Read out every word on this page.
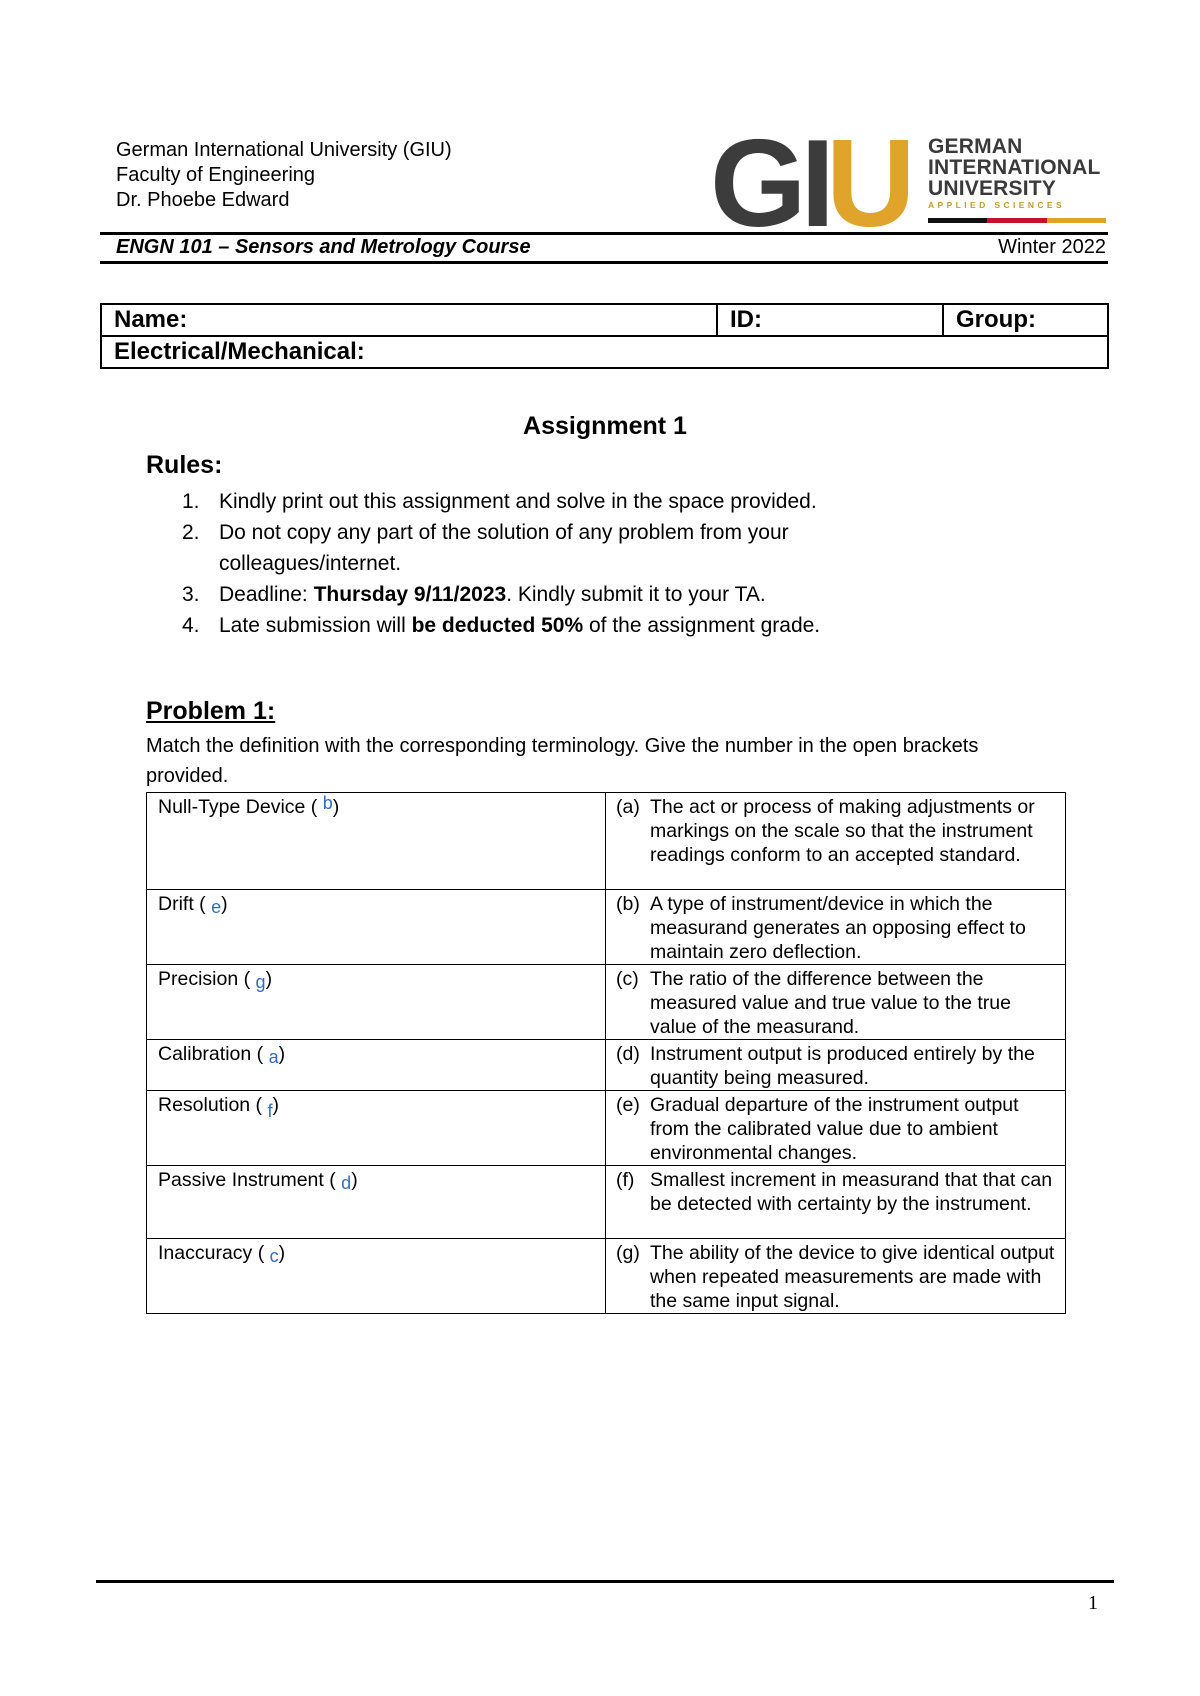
German International University (GIU)
Faculty of Engineering
Dr. Phoebe Edward	GI
U GERMAN
INTERNATIONAL
UNIVERSITY
APPLIED SCIENCES
ENGN 101 – Sensors and Metrology Course	Winter 2022
Name:	ID:	Group:
Electrical/Mechanical:
Assignment 1
Rules:
1. Kindly print out this assignment and solve in the space provided.
2. Do not copy any part of the solution of any problem from your colleagues/internet.
3. Deadline: Thursday 9/11/2023. Kindly submit it to your TA.
4. Late submission will be deducted 50% of the assignment grade.
Problem 1:
Match the definition with the corresponding terminology. Give the number in the open brackets provided.
Null-Type Device ( b)	(a) The act or process of making adjustments or markings on the scale so that the instrument readings conform to an accepted standard.

Drift ( e)	(b) A type of instrument/device in which the measurand generates an opposing effect to maintain zero deflection.

Precision ( g)	(c) The ratio of the difference between the measured value and true value to the true value of the measurand.

Calibration ( a)	(d) Instrument output is produced entirely by the quantity being measured.

Resolution ( f)	(e) Gradual departure of the instrument output from the calibrated value due to ambient environmental changes.

Passive Instrument ( d)	(f) Smallest increment in measurand that that can be detected with certainty by the instrument.

Inaccuracy ( c)	(g) The ability of the device to give identical output when repeated measurements are made with the same input signal.
1
